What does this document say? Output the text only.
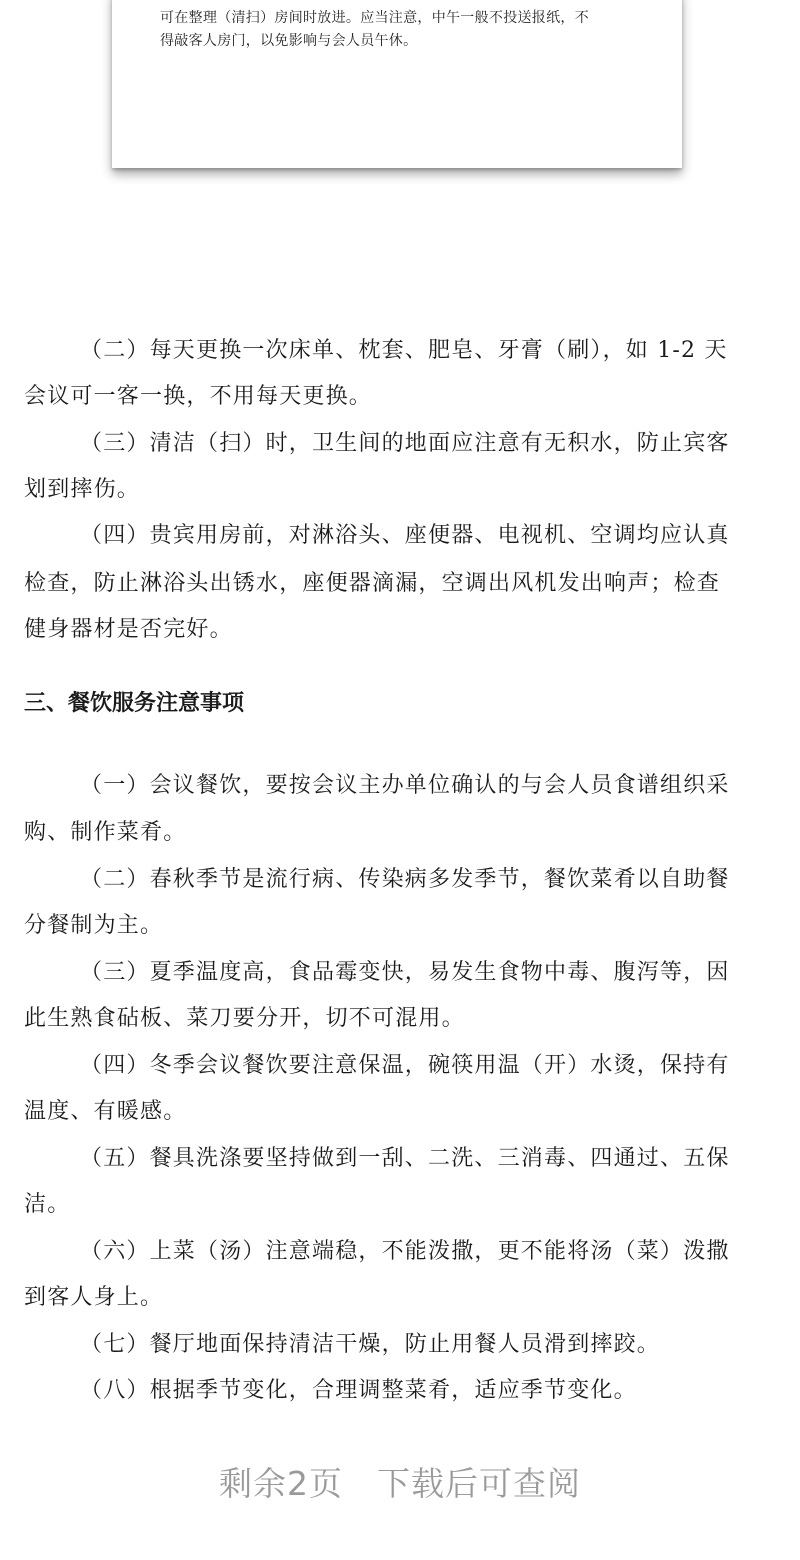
可在整理（清扫）房间时放进。应当注意，中午一般不投送报纸，不
得敲客人房门，以免影响与会人员午休。
（二）每天更换一次床单、枕套、肥皂、牙膏（刷），如 1-2 天
会议可一客一换，不用每天更换。
（三）清洁（扫）时，卫生间的地面应注意有无积水，防止宾客
划到摔伤。
（四）贵宾用房前，对淋浴头、座便器、电视机、空调均应认真
检查，防止淋浴头出锈水，座便器滴漏，空调出风机发出响声；检查
健身器材是否完好。
三、餐饮服务注意事项
（一）会议餐饮，要按会议主办单位确认的与会人员食谱组织采
购、制作菜肴。
（二）春秋季节是流行病、传染病多发季节，餐饮菜肴以自助餐
分餐制为主。
（三）夏季温度高，食品霉变快，易发生食物中毒、腹泻等，因
此生熟食砧板、菜刀要分开，切不可混用。
（四）冬季会议餐饮要注意保温，碗筷用温（开）水烫，保持有
温度、有暖感。
（五）餐具洗涤要坚持做到一刮、二洗、三消毒、四通过、五保
洁。
（六）上菜（汤）注意端稳，不能泼撒，更不能将汤（菜）泼撒
到客人身上。
（七）餐厅地面保持清洁干燥，防止用餐人员滑到摔跤。
（八）根据季节变化，合理调整菜肴，适应季节变化。
剩余2页　下载后可查阅
